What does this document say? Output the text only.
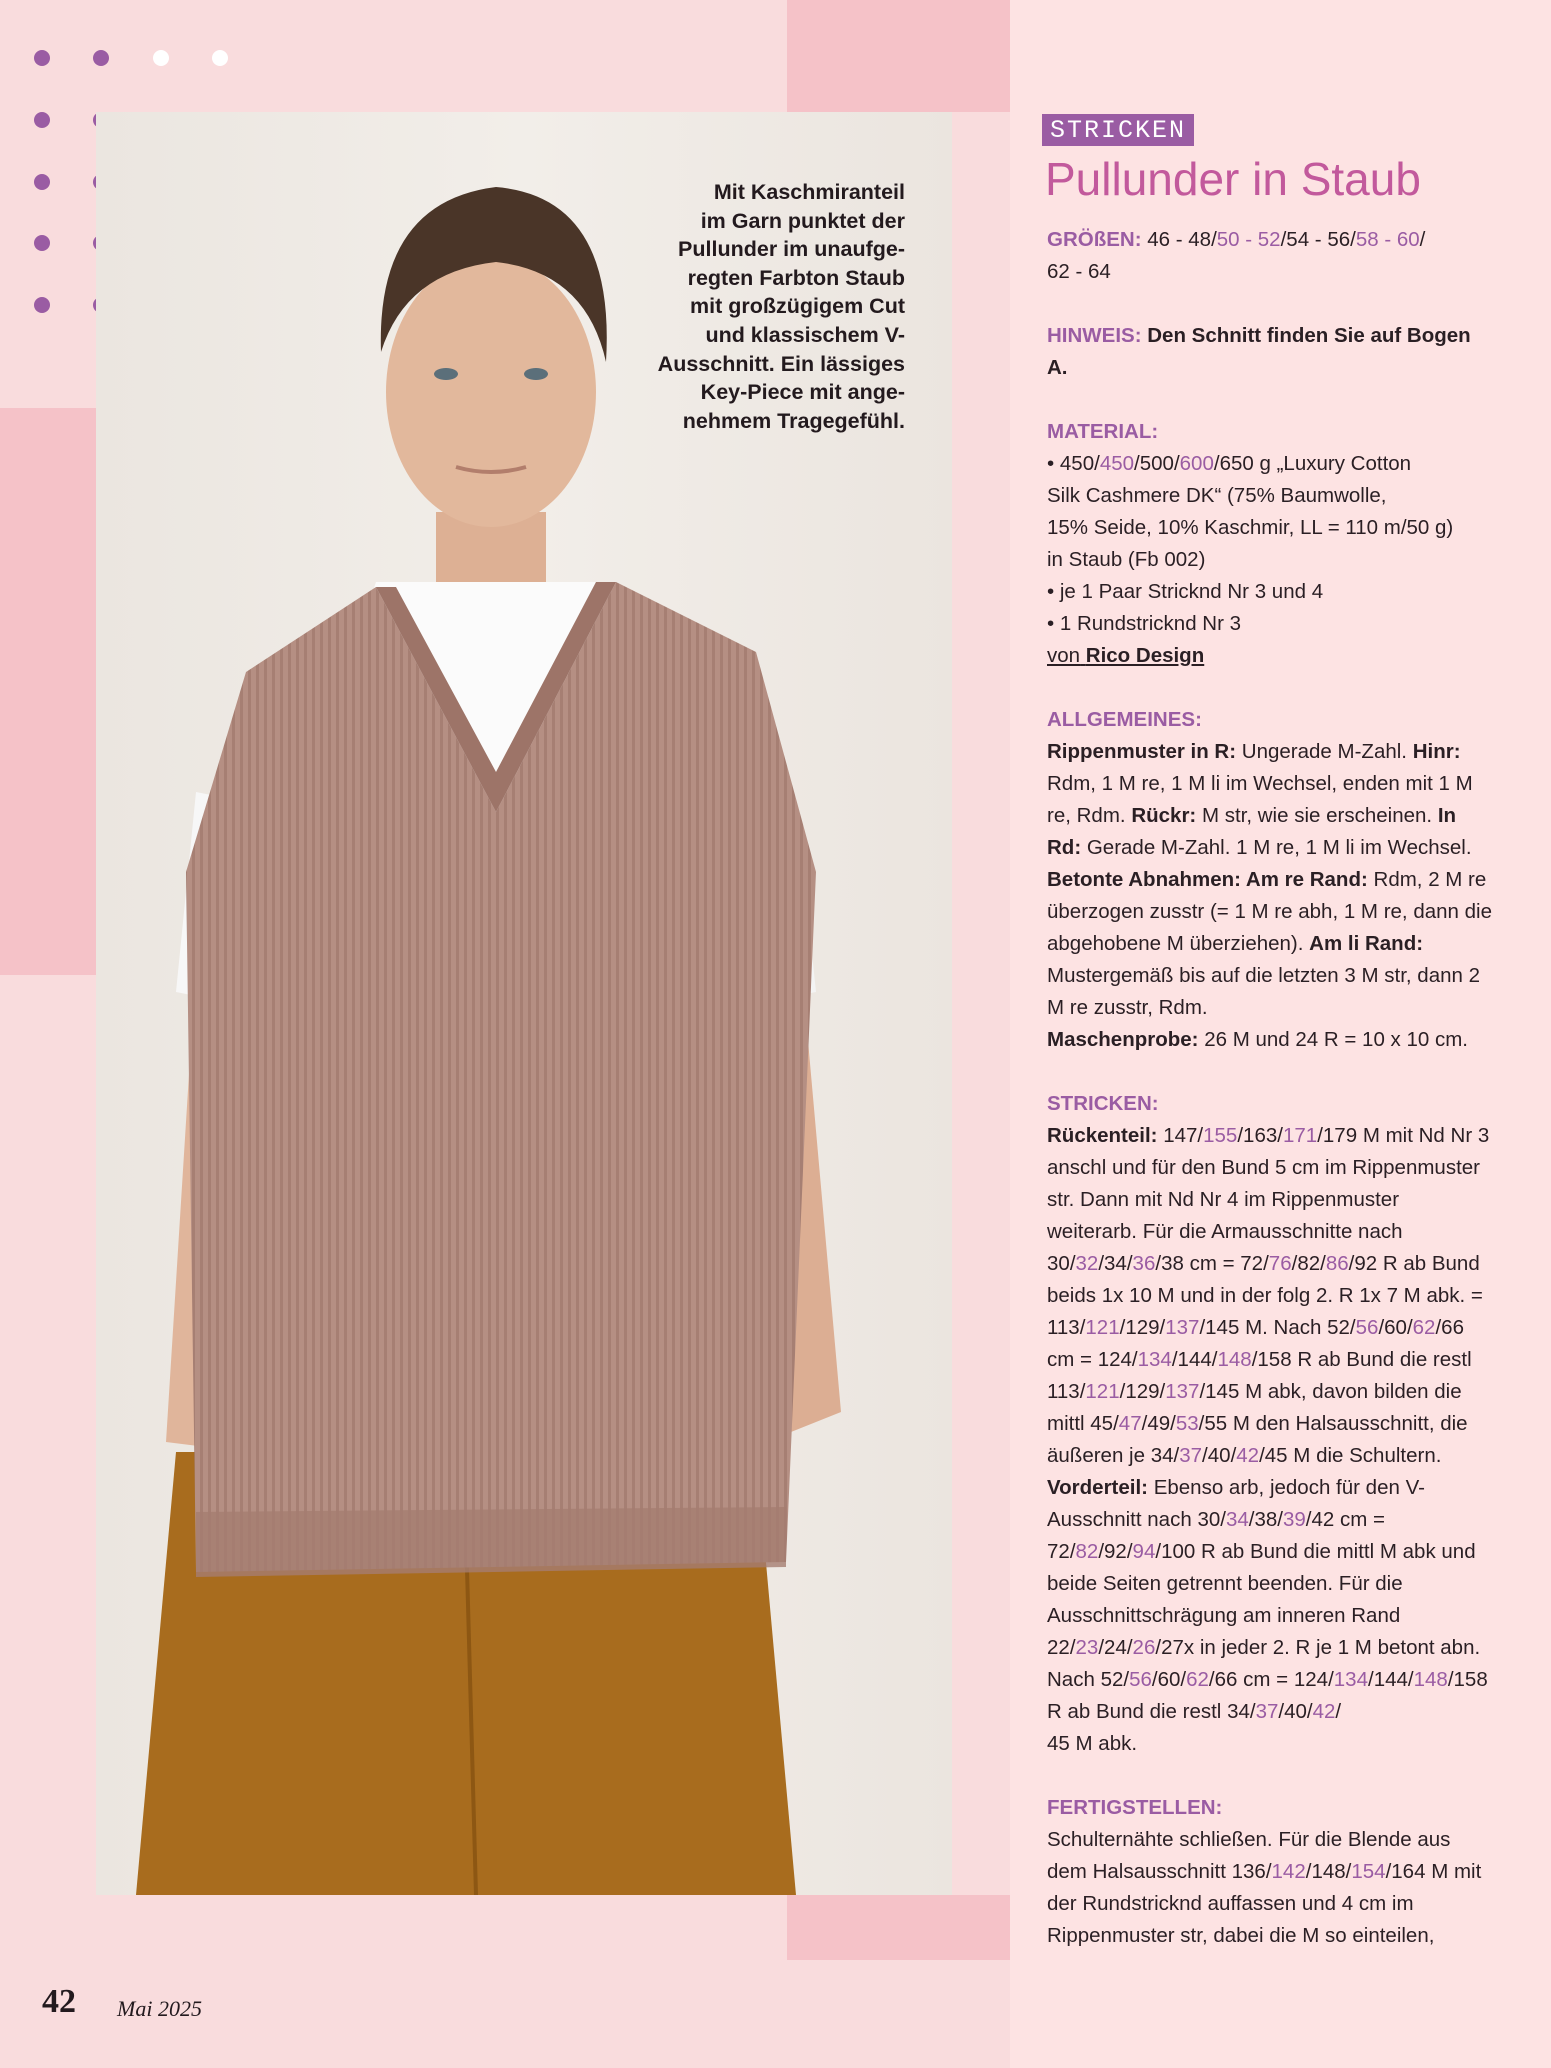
Mit Kaschmiranteil
im Garn punktet der
Pullunder im unaufge-
regten Farbton Staub
mit großzügigem Cut
und klassischem V-
Ausschnitt. Ein lässiges
Key-Piece mit ange-
nehmem Tragegefühl.
STRICKEN
Pullunder in Staub

GRÖßEN: 46 - 48/50 - 52/54 - 56/58 - 60/
62 - 64

HINWEIS: Den Schnitt finden Sie auf Bogen A.

MATERIAL:

• 450/450/500/600/650 g „Luxury Cotton
Silk Cashmere DK“ (75% Baumwolle,
15% Seide, 10% Kaschmir, LL = 110 m/50 g)
in Staub (Fb 002)

• je 1 Paar Stricknd Nr 3 und 4

• 1 Rundstricknd Nr 3

von Rico Design

ALLGEMEINES:

Rippenmuster in R: Ungerade M-Zahl. Hinr: Rdm, 1 M re, 1 M li im Wechsel, enden mit 1 M re, Rdm. Rückr: M str, wie sie erscheinen. In Rd: Gerade M-Zahl. 1 M re, 1 M li im Wechsel.
Betonte Abnahmen: Am re Rand: Rdm, 2 M re überzogen zusstr (= 1 M re abh, 1 M re, dann die abgehobene M überziehen). Am li Rand: Mustergemäß bis auf die letzten 3 M str, dann 2 M re zusstr, Rdm.
Maschenprobe: 26 M und 24 R = 10 x 10 cm.

STRICKEN:

Rückenteil: 147/155/163/171/179 M mit Nd Nr 3 anschl und für den Bund 5 cm im Rippenmuster str. Dann mit Nd Nr 4 im Rippenmuster weiterarb. Für die Armausschnitte nach 30/32/34/36/38 cm = 72/76/82/86/92 R ab Bund beids 1x 10 M und in der folg 2. R 1x 7 M abk. = 113/121/129/137/145 M. Nach 52/56/60/62/66 cm = 124/134/144/148/158 R ab Bund die restl 113/121/129/137/145 M abk, davon bilden die mittl 45/47/49/53/55 M den Halsausschnitt, die äußeren je 34/37/40/42/45 M die Schultern.

Vorderteil: Ebenso arb, jedoch für den V-Ausschnitt nach 30/34/38/39/42 cm = 72/82/92/94/100 R ab Bund die mittl M abk und beide Seiten getrennt beenden. Für die Ausschnittschrägung am inneren Rand 22/23/24/26/27x in jeder 2. R je 1 M betont abn. Nach 52/56/60/62/66 cm = 124/134/144/148/158 R ab Bund die restl 34/37/40/42/
45 M abk.

FERTIGSTELLEN:

Schulternähte schließen. Für die Blende aus dem Halsausschnitt 136/142/148/154/164 M mit der Rundstricknd auffassen und 4 cm im Rippenmuster str, dabei die M so einteilen,

42 Mai 2025
